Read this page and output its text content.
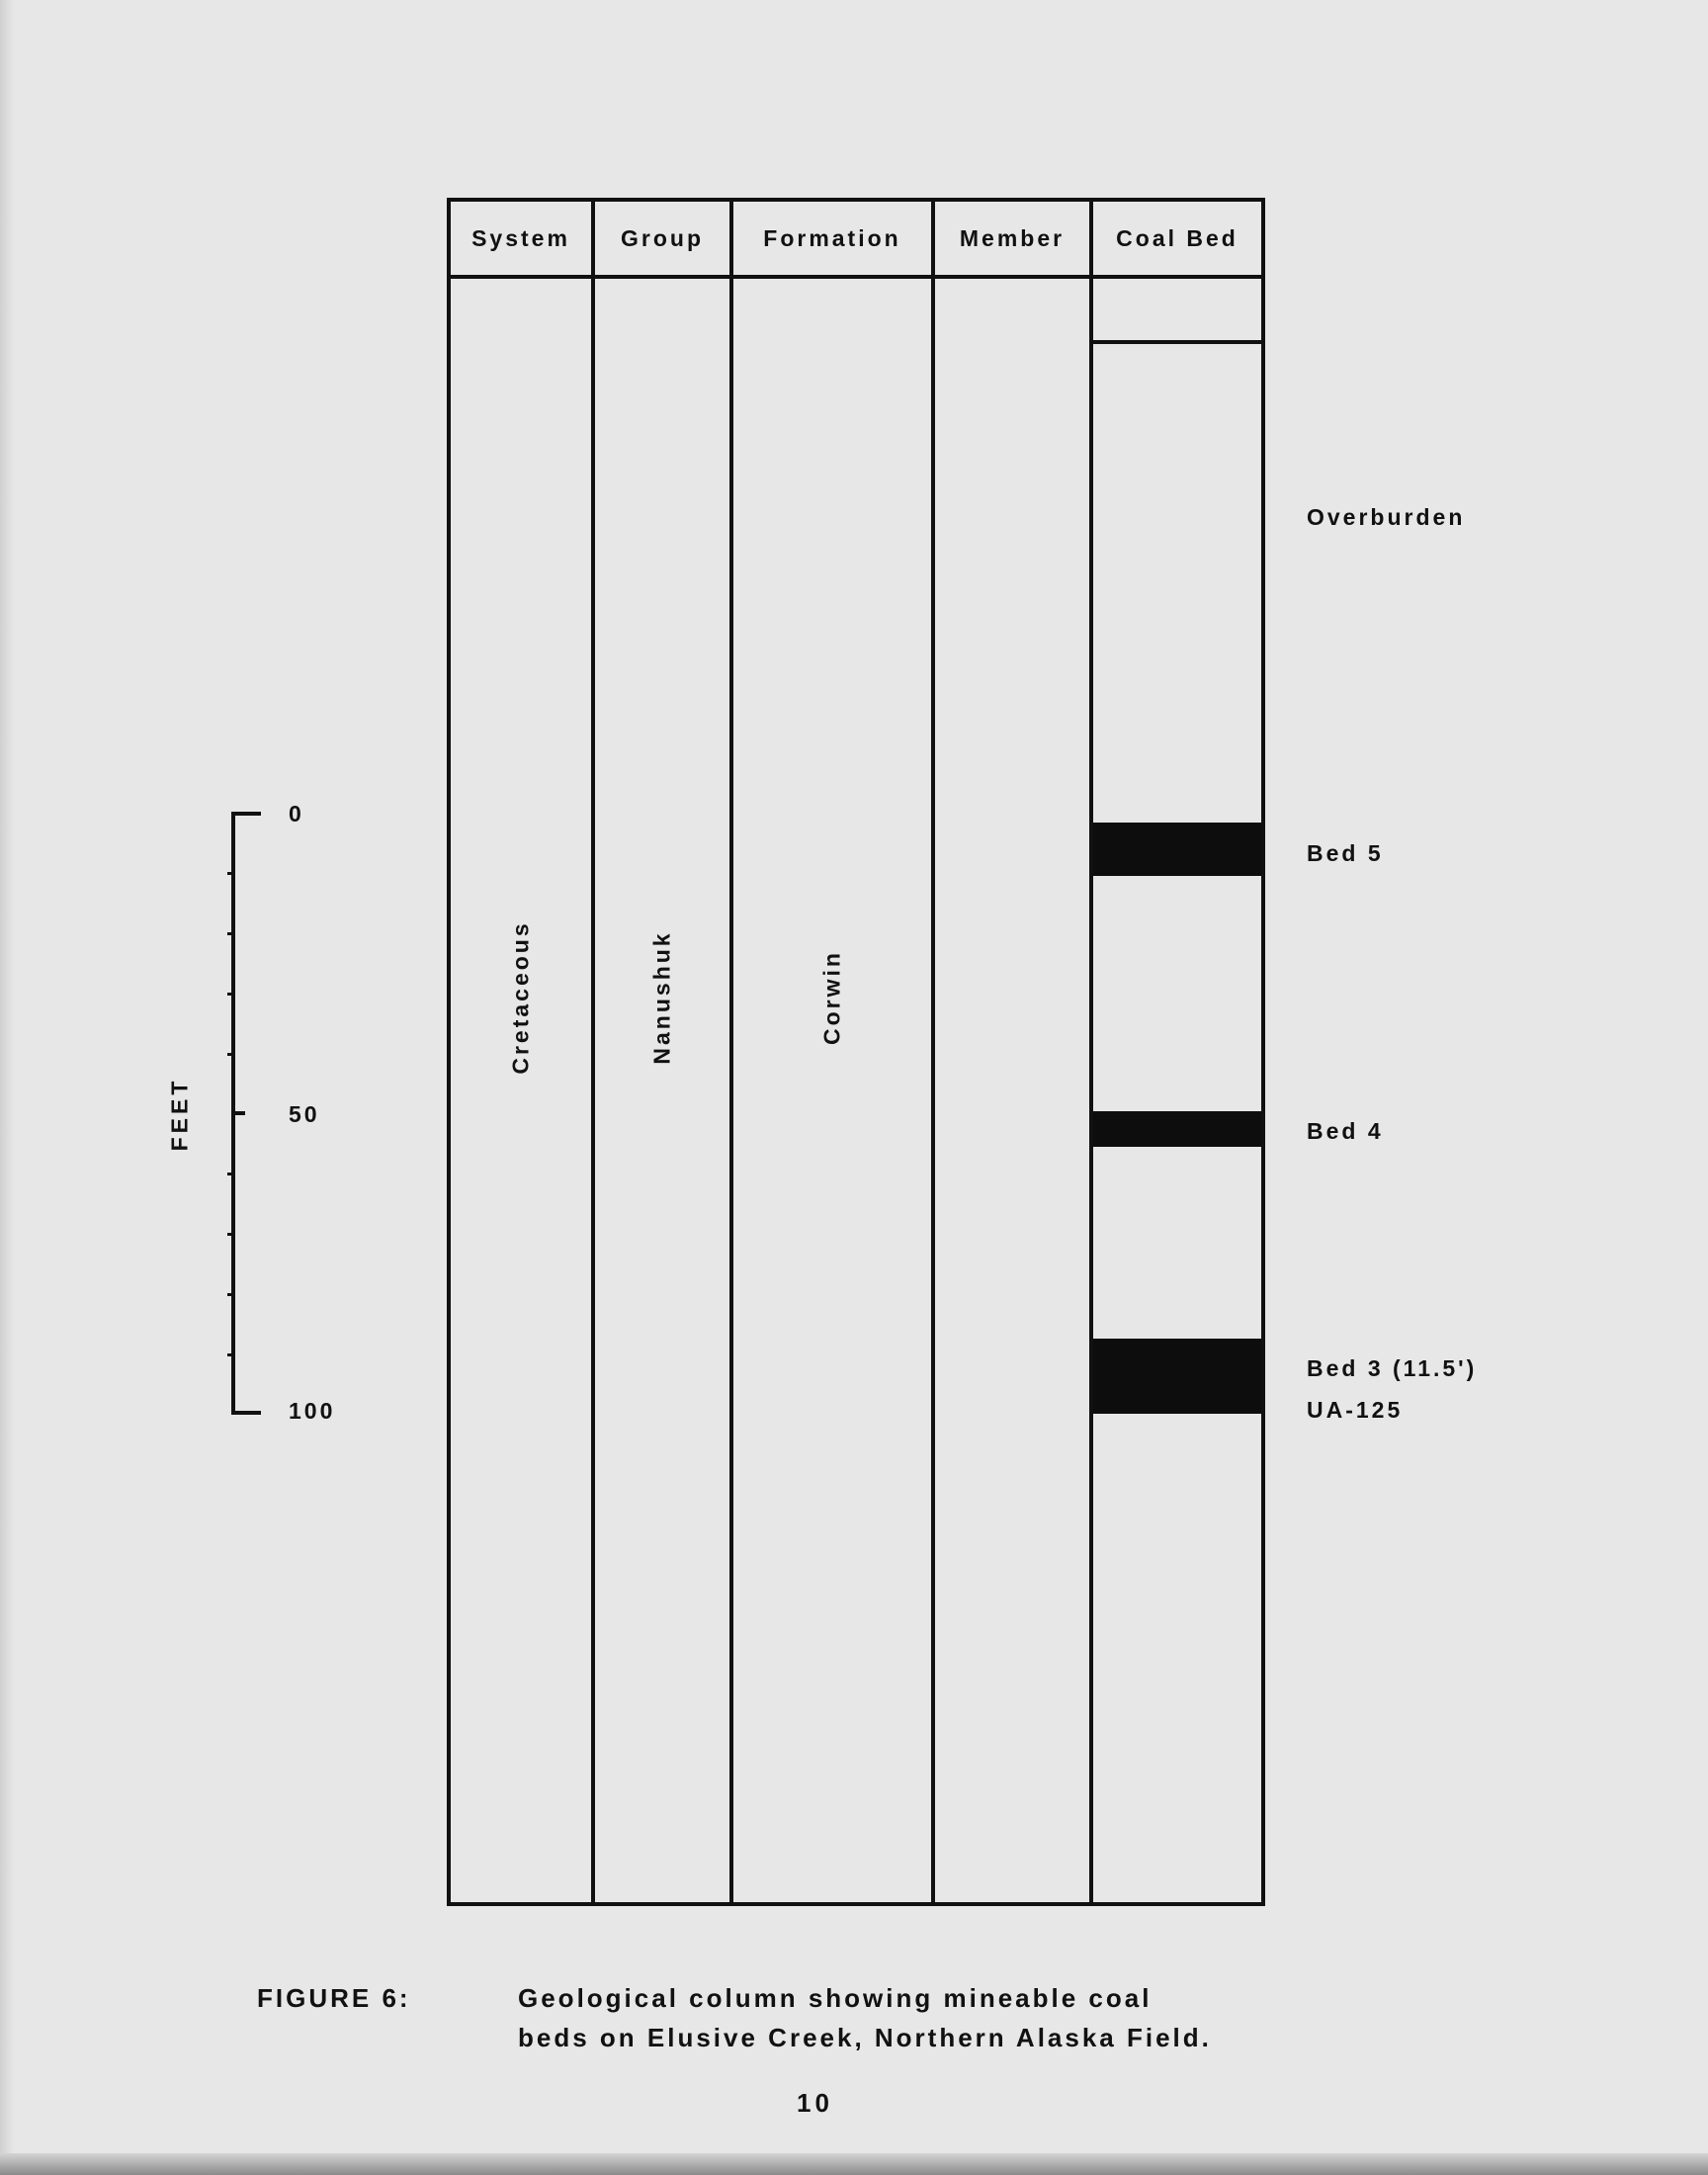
System
Cretaceous
Group
Nanushuk
Formation
Corwin
Member	Coal Bed
Overburden
Bed 5
Bed 4
Bed 3 (11.5')
UA-125
0
50
100
FEET
FIGURE 6:	Geological column showing mineable coal
beds on Elusive Creek, Northern Alaska Field.
10
